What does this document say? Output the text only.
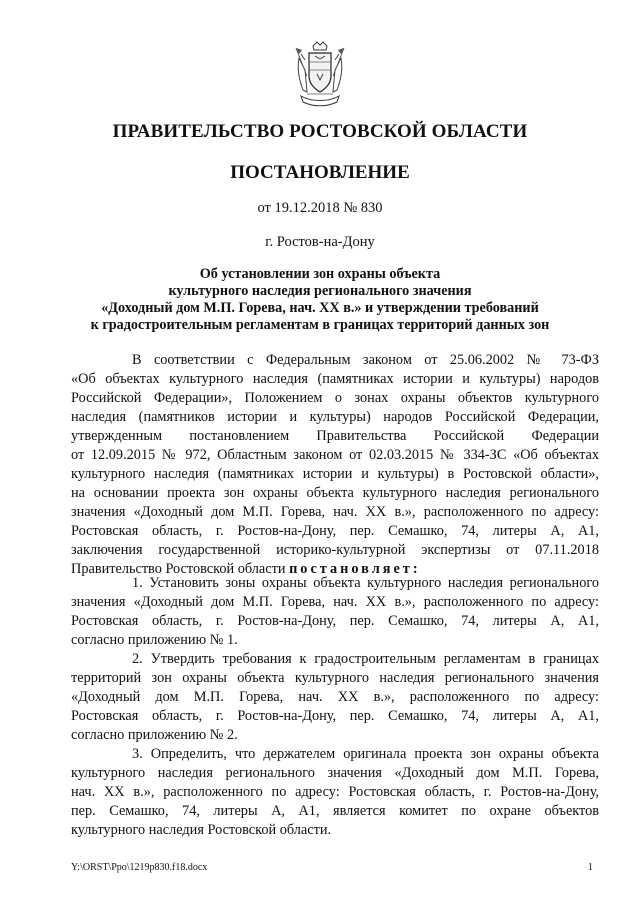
ПРАВИТЕЛЬСТВО РОСТОВСКОЙ ОБЛАСТИ
ПОСТАНОВЛЕНИЕ
от 19.12.2018 № 830
г. Ростов-на-Дону
Об установлении зон охраны объекта
культурного наследия регионального значения
«Доходный дом М.П. Горева, нач. XX в.» и утверждении требований
к градостроительным регламентам в границах территорий данных зон
В соответствии с Федеральным законом от 25.06.2002 № 73-ФЗ
«Об объектах культурного наследия (памятниках истории и культуры) народов
Российской Федерации», Положением о зонах охраны объектов культурного
наследия (памятников истории и культуры) народов Российской Федерации,
утвержденным постановлением Правительства Российской Федерации
от 12.09.2015 № 972, Областным законом от 02.03.2015 № 334-ЗС «Об объектах
культурного наследия (памятниках истории и культуры) в Ростовской области»,
на основании проекта зон охраны объекта культурного наследия регионального
значения «Доходный дом М.П. Горева, нач. XX в.», расположенного по адресу:
Ростовская область, г. Ростов-на-Дону, пер. Семашко, 74, литеры А, А1,
заключения государственной историко-культурной экспертизы от 07.11.2018
Правительство Ростовской области постановляет:
1. Установить зоны охраны объекта культурного наследия регионального
значения «Доходный дом М.П. Горева, нач. XX в.», расположенного по адресу:
Ростовская область, г. Ростов-на-Дону, пер. Семашко, 74, литеры А, А1,
согласно приложению № 1.
2. Утвердить требования к градостроительным регламентам в границах
территорий зон охраны объекта культурного наследия регионального значения
«Доходный дом М.П. Горева, нач. XX в.», расположенного по адресу:
Ростовская область, г. Ростов-на-Дону, пер. Семашко, 74, литеры А, А1,
согласно приложению № 2.
3. Определить, что держателем оригинала проекта зон охраны объекта
культурного наследия регионального значения «Доходный дом М.П. Горева,
нач. XX в.», расположенного по адресу: Ростовская область, г. Ростов-на-Дону,
пер. Семашко, 74, литеры А, А1, является комитет по охране объектов
культурного наследия Ростовской области.
Y:\ORST\Ppo\1219p830.f18.docx	1
